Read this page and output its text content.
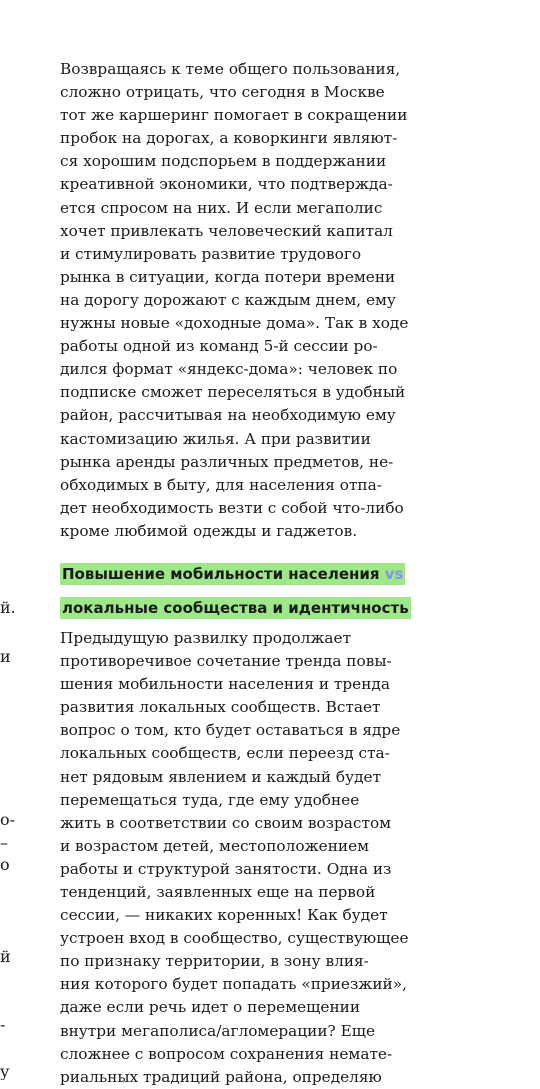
й.
и
о-
–
о
й
-
у

Возвращаясь к теме общего пользования,
сложно отрицать, что сегодня в Москве
тот же каршеринг помогает в сокращении
пробок на дорогах, а коворкинги являют-
ся хорошим подспорьем в поддержании
креативной экономики, что подтвержда-
ется спросом на них. И если мегаполис
хочет привлекать человеческий капитал
и стимулировать развитие трудового
рынка в ситуации, когда потери времени
на дорогу дорожают с каждым днем, ему
нужны новые «доходные дома». Так в ходе
работы одной из команд 5-й сессии ро-
дился формат «яндекс-дома»: человек по
подписке сможет переселяться в удобный
район, рассчитывая на необходимую ему
кастомизацию жилья. А при развитии
рынка аренды различных предметов, не-
обходимых в быту, для населения отпа-
дет необходимость везти с собой что-либо
кроме любимой одежды и гаджетов.

Повышение мобильности населения vs
локальные сообщества и идентичность

Предыдущую развилку продолжает
противоречивое сочетание тренда повы-
шения мобильности населения и тренда
развития локальных сообществ. Встает
вопрос о том, кто будет оставаться в ядре
локальных сообществ, если переезд ста-
нет рядовым явлением и каждый будет
перемещаться туда, где ему удобнее
жить в соответствии со своим возрастом
и возрастом детей, местоположением
работы и структурой занятости. Одна из
тенденций, заявленных еще на первой
сессии, — никаких коренных! Как будет
устроен вход в сообщество, существующее
по признаку территории, в зону влия-
ния которого будет попадать «приезжий»,
даже если речь идет о перемещении
внутри мегаполиса/агломерации? Еще
сложнее с вопросом сохранения немате-
риальных традиций района, определяю
